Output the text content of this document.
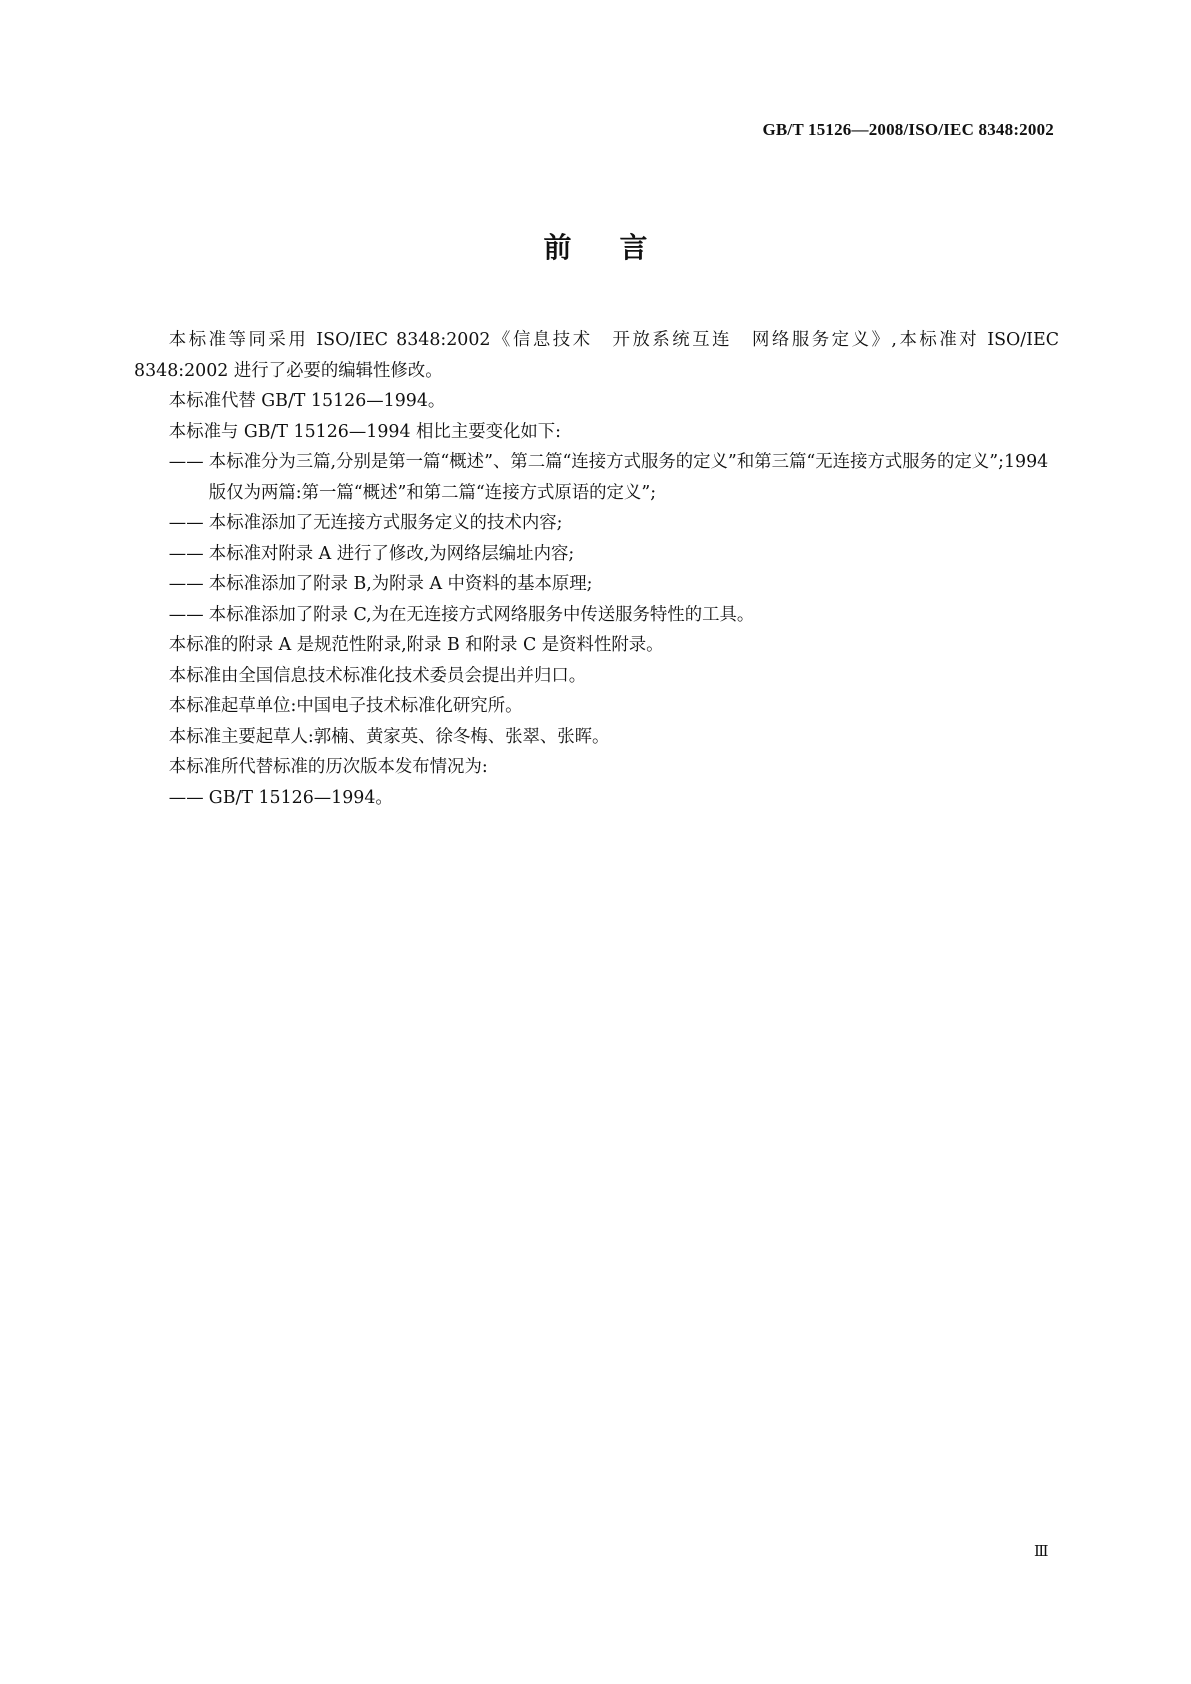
GB/T 15126—2008/ISO/IEC 8348:2002
前言

本标准等同采用 ISO/IEC 8348:2002《信息技术　开放系统互连　网络服务定义》,本标准对 ISO/IEC 8348:2002 进行了必要的编辑性修改。

本标准代替 GB/T 15126—1994。

本标准与 GB/T 15126—1994 相比主要变化如下:

—— 本标准分为三篇,分别是第一篇“概述”、第二篇“连接方式服务的定义”和第三篇“无连接方式服务的定义”;1994 版仅为两篇:第一篇“概述”和第二篇“连接方式原语的定义”;

—— 本标准添加了无连接方式服务定义的技术内容;

—— 本标准对附录 A 进行了修改,为网络层编址内容;

—— 本标准添加了附录 B,为附录 A 中资料的基本原理;

—— 本标准添加了附录 C,为在无连接方式网络服务中传送服务特性的工具。

本标准的附录 A 是规范性附录,附录 B 和附录 C 是资料性附录。

本标准由全国信息技术标准化技术委员会提出并归口。

本标准起草单位:中国电子技术标准化研究所。

本标准主要起草人:郭楠、黄家英、徐冬梅、张翠、张晖。

本标准所代替标准的历次版本发布情况为:

—— GB/T 15126—1994。

Ⅲ
